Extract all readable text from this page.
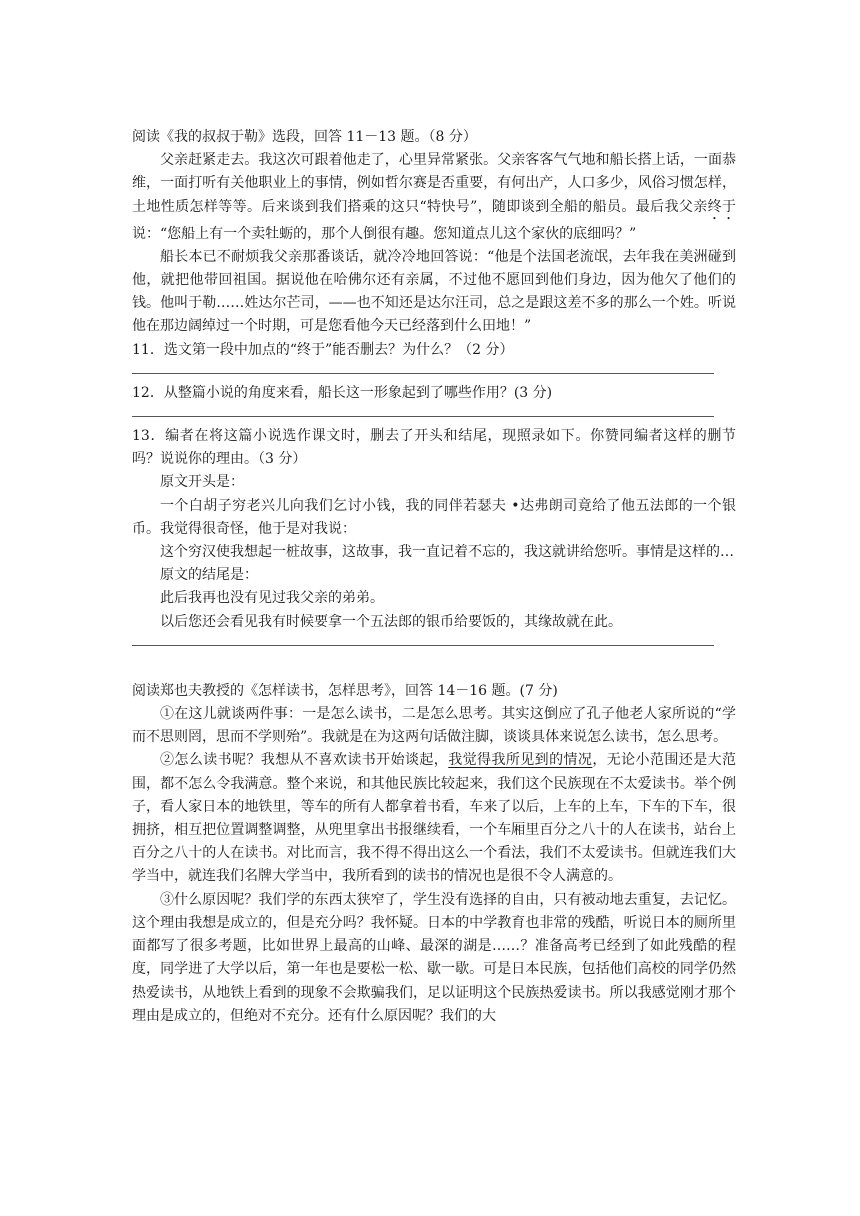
阅读《我的叔叔于勒》选段，回答 11－13 题。（8 分）

父亲赶紧走去。我这次可跟着他走了，心里异常紧张。父亲客客气气地和船长搭上话，一面恭维，一面打听有关他职业上的事情，例如哲尔赛是否重要，有何出产，人口多少，风俗习惯怎样，土地性质怎样等等。后来谈到我们搭乘的这只“特快号”，随即谈到全船的船员。最后我父亲终于说：“您船上有一个卖牡蛎的，那个人倒很有趣。您知道点儿这个家伙的底细吗？”

船长本已不耐烦我父亲那番谈话，就冷冷地回答说：“他是个法国老流氓，去年我在美洲碰到他，就把他带回祖国。据说他在哈佛尔还有亲属，不过他不愿回到他们身边，因为他欠了他们的钱。他叫于勒……姓达尔芒司，——也不知还是达尔汪司，总之是跟这差不多的那么一个姓。听说他在那边阔绰过一个时期，可是您看他今天已经落到什么田地！”

11．选文第一段中加点的“终于”能否删去？为什么？（2 分）

12．从整篇小说的角度来看，船长这一形象起到了哪些作用？(3 分)

13．编者在将这篇小说选作课文时，删去了开头和结尾，现照录如下。你赞同编者这样的删节吗？说说你的理由。（3 分）

原文开头是：

一个白胡子穷老兴儿向我们乞讨小钱，我的同伴若瑟夫 •达弗朗司竟给了他五法郎的一个银币。我觉得很奇怪，他于是对我说：

这个穷汉使我想起一桩故事，这故事，我一直记着不忘的，我这就讲给您听。事情是这样的…

原文的结尾是：

此后我再也没有见过我父亲的弟弟。

以后您还会看见我有时候要拿一个五法郎的银币给要饭的，其缘故就在此。

阅读郑也夫教授的《怎样读书，怎样思考》，回答 14－16 题。(7 分)

①在这儿就谈两件事：一是怎么读书，二是怎么思考。其实这倒应了孔子他老人家所说的“学而不思则罔，思而不学则殆”。我就是在为这两句话做注脚，谈谈具体来说怎么读书，怎么思考。

②怎么读书呢？我想从不喜欢读书开始谈起，我觉得我所见到的情况，无论小范围还是大范围，都不怎么令我满意。整个来说，和其他民族比较起来，我们这个民族现在不太爱读书。举个例子，看人家日本的地铁里，等车的所有人都拿着书看，车来了以后，上车的上车，下车的下车，很拥挤，相互把位置调整调整，从兜里拿出书报继续看，一个车厢里百分之八十的人在读书，站台上百分之八十的人在读书。对比而言，我不得不得出这么一个看法，我们不太爱读书。但就连我们大学当中，就连我们名牌大学当中，我所看到的读书的情况也是很不令人满意的。

③什么原因呢？我们学的东西太狭窄了，学生没有选择的自由，只有被动地去重复，去记忆。这个理由我想是成立的，但是充分吗？我怀疑。日本的中学教育也非常的残酷，听说日本的厕所里面都写了很多考题，比如世界上最高的山峰、最深的湖是……？准备高考已经到了如此残酷的程度，同学进了大学以后，第一年也是要松一松、歇一歇。可是日本民族，包括他们高校的同学仍然热爱读书，从地铁上看到的现象不会欺骗我们，足以证明这个民族热爱读书。所以我感觉刚才那个理由是成立的，但绝对不充分。还有什么原因呢？我们的大
